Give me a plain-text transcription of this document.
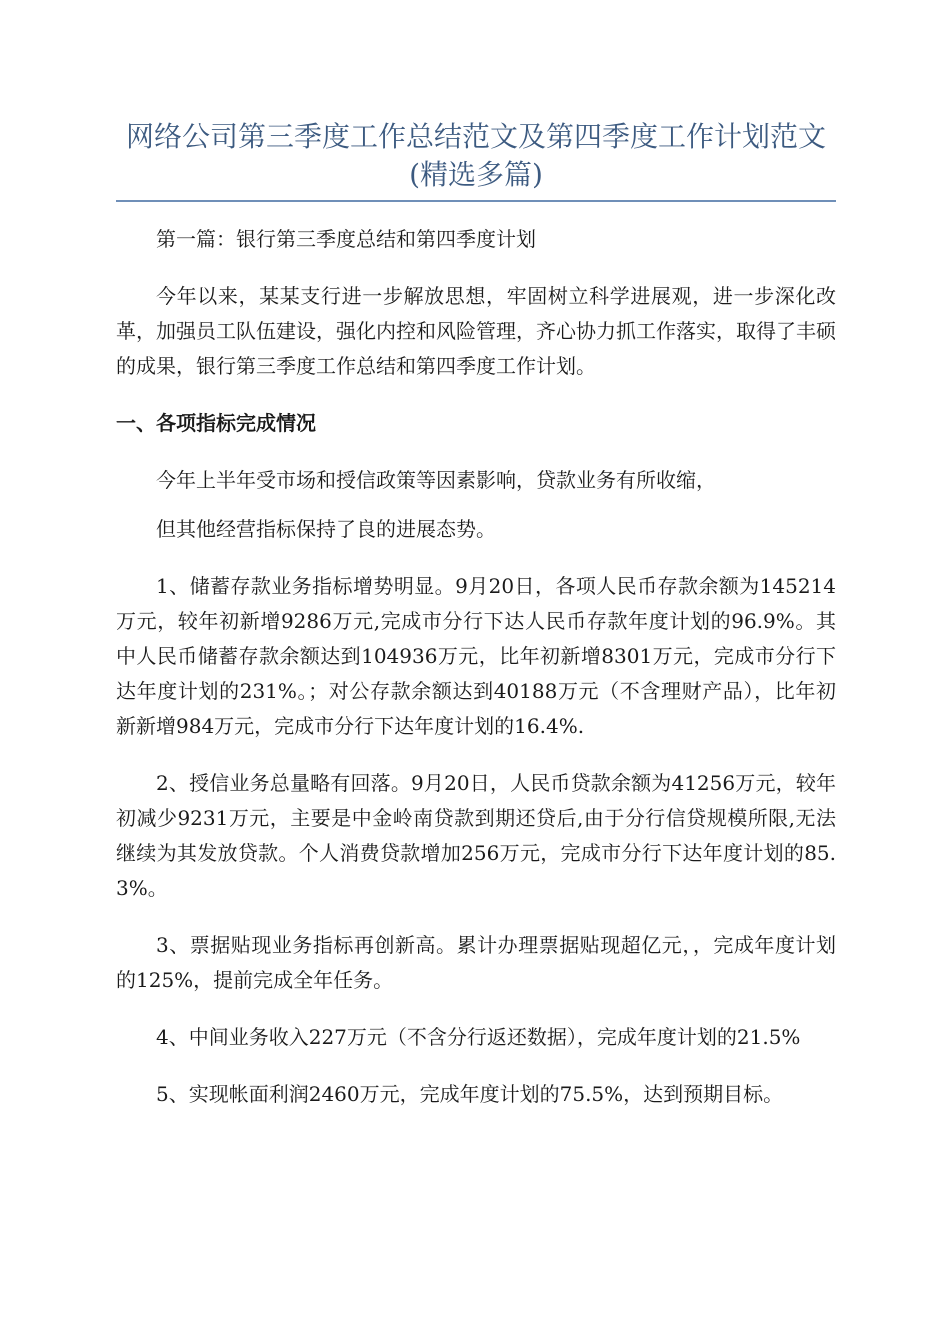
网络公司第三季度工作总结范文及第四季度工作计划范文(精选多篇)

第一篇：银行第三季度总结和第四季度计划

今年以来，某某支行进一步解放思想，牢固树立科学进展观，进一步深化改革，加强员工队伍建设，强化内控和风险管理，齐心协力抓工作落实，取得了丰硕的成果，银行第三季度工作总结和第四季度工作计划。

一、各项指标完成情况

今年上半年受市场和授信政策等因素影响，贷款业务有所收缩，

但其他经营指标保持了良的进展态势。

1、储蓄存款业务指标增势明显。9月20日，各项人民币存款余额为145214万元，较年初新增9286万元,完成市分行下达人民币存款年度计划的96.9%。其中人民币储蓄存款余额达到104936万元，比年初新增8301万元，完成市分行下达年度计划的231%。；对公存款余额达到40188万元（不含理财产品），比年初新新增984万元，完成市分行下达年度计划的16.4%.

2、授信业务总量略有回落。9月20日，人民币贷款余额为41256万元，较年初减少9231万元，主要是中金岭南贷款到期还贷后,由于分行信贷规模所限,无法继续为其发放贷款。个人消费贷款增加256万元，完成市分行下达年度计划的85.3%。

3、票据贴现业务指标再创新高。累计办理票据贴现超亿元，，完成年度计划的125%，提前完成全年任务。

4、中间业务收入227万元（不含分行返还数据），完成年度计划的21.5%

5、实现帐面利润2460万元，完成年度计划的75.5%，达到预期目标。
